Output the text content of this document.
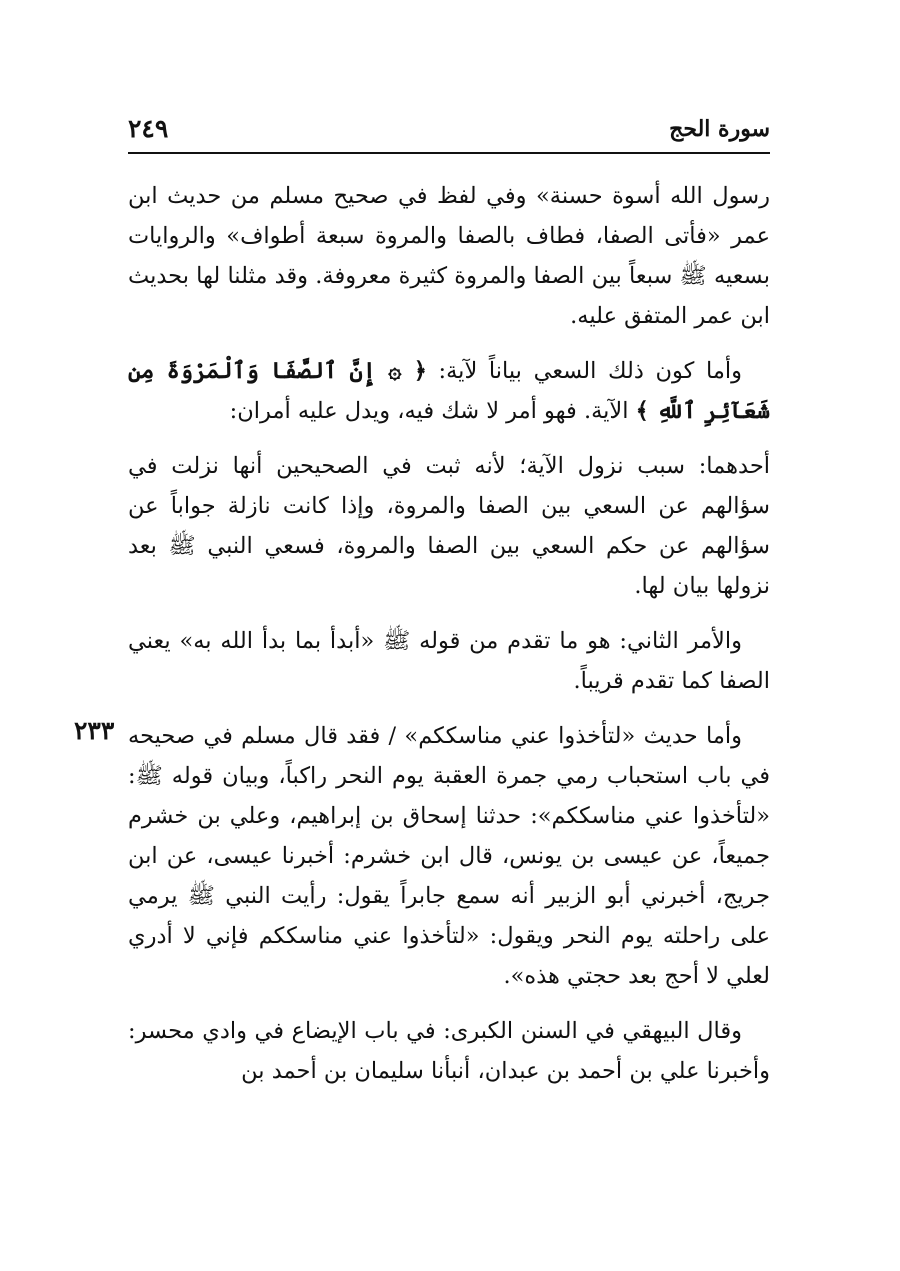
سورة الحج
٢٤٩

رسول الله أسوة حسنة» وفي لفظ في صحيح مسلم من حديث ابن عمر «فأتى الصفا، فطاف بالصفا والمروة سبعة أطواف» والروايات بسعيه ﷺ سبعاً بين الصفا والمروة كثيرة معروفة. وقد مثلنا لها بحديث ابن عمر المتفق عليه.

وأما كون ذلك السعي بياناً لآية: ﴿ ۞ إِنَّ ٱلصَّفَا وَٱلْمَرْوَةَ مِن شَعَآئِرِ ٱللَّهِ ﴾ الآية. فهو أمر لا شك فيه، ويدل عليه أمران:

أحدهما: سبب نزول الآية؛ لأنه ثبت في الصحيحين أنها نزلت في سؤالهم عن السعي بين الصفا والمروة، وإذا كانت نازلة جواباً عن سؤالهم عن حكم السعي بين الصفا والمروة، فسعي النبي ﷺ بعد نزولها بيان لها.

والأمر الثاني: هو ما تقدم من قوله ﷺ «أبدأ بما بدأ الله به» يعني الصفا كما تقدم قريباً.

٢٣٣ وأما حديث «لتأخذوا عني مناسككم» / فقد قال مسلم في صحيحه في باب استحباب رمي جمرة العقبة يوم النحر راكباً، وبيان قوله ﷺ: «لتأخذوا عني مناسككم»: حدثنا إسحاق بن إبراهيم، وعلي بن خشرم جميعاً، عن عيسى بن يونس، قال ابن خشرم: أخبرنا عيسى، عن ابن جريج، أخبرني أبو الزبير أنه سمع جابراً يقول: رأيت النبي ﷺ يرمي على راحلته يوم النحر ويقول: «لتأخذوا عني مناسككم فإني لا أدري لعلي لا أحج بعد حجتي هذه».

وقال البيهقي في السنن الكبرى: في باب الإيضاع في وادي محسر: وأخبرنا علي بن أحمد بن عبدان، أنبأنا سليمان بن أحمد بن
